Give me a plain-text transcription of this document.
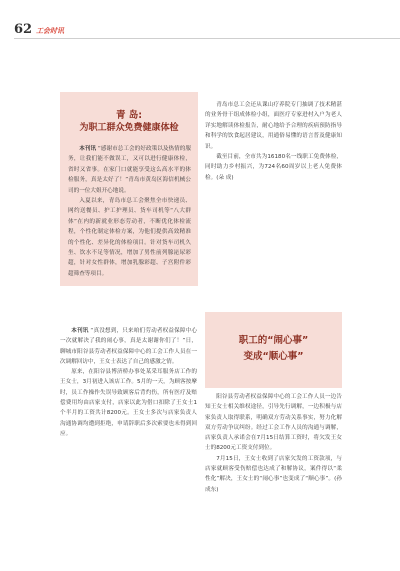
62 工会时讯
青 岛:
为职工群众免费健康体检

本刊讯 “感谢市总工会的好政策以及热情的服务，让我们能不做误工，又可以进行健康体检，省时又省事。在家门口就能享受这么高水平的体检服务，真是太好了！”青岛市黄岛区海信机械公司的一位大姐开心地说。

入夏以来，青岛市总工会聚焦全市快递员、网约送餐员、护工护理员、货车司机等“八大群体”在内的新就业形态劳动者，不断优化体检流程，个性化制定体检方案，为他们提供高效精准的个性化、差异化的体检项目。针对货车司机久坐、饮水不足等情况，增加了男性前列腺泌尿彩超，针对女性群体，增加乳腺彩超、子宫附件彩超筛查等项目。

青岛市总工会还从课山疗养院专门抽调了技术精湛的业务骨干组成体检小组，面医疗专家进村入户为老人详实地解读体检报告，耐心地给予合理的疾病预防指导和科学的饮食起居建议，用通俗易懂的语言普及健康知识。

截至目前，全市共为16180名一线职工免费体检，同时助力乡村振兴，为724名60周岁以上老人免费体检。(朵 成)

本刊讯 “真没想到，只来咱们劳动者权益保障中心一次就解决了我的闹心事，真是太谢谢你们了！”日，聊城市阳谷县劳动者权益保障中心的工会工作人员在一次调解回访中，王女士表达了自己的感激之情。

原来，在阳谷县博济桥办事处某采耳服务店工作的王女士，3月初进入该店工作。5月的一天，为顾客按摩时，员工作操作失误导致顾客后背灼伤，所有医疗及赔偿费用均由店家支付，店家以此为借口扣除了王女士1个半月的工资共计8200元。王女士多次与店家负责人沟通协调均遭到拒绝，申请辞职后多次索要也未得到回应。

职工的“闹心事”
变成“顺心事”

阳谷县劳动者权益保障中心的工会工作人员一边告知王女士相关维权途径，引导先行调解，一边积极与店家负责人取得联系，明确双方劳动关系事实，努力化解双方劳动争议纠纷。经过工会工作人员的沟通与调解，店家负责人承诺会在7月15日结算工资时，将欠发王女士的8200元工资支付到位。

7月15日，王女士收到了店家欠发的工资款项，与店家就顾客受伤赔偿也达成了和解协议，案件得以“柔性化”解决，王女士的“闹心事”也变成了“顺心事”。(孙成东)
